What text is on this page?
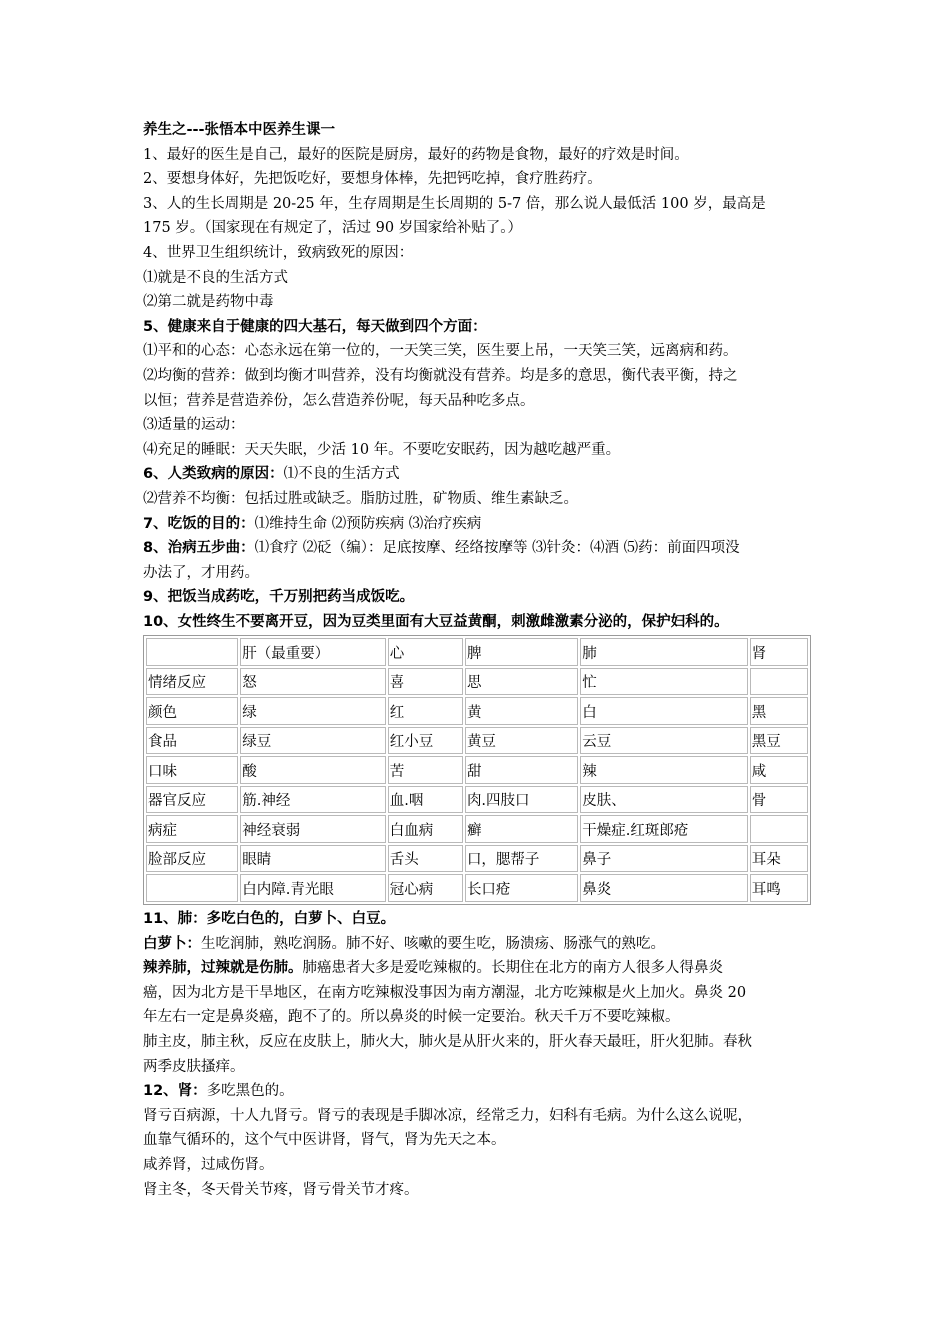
养生之---张悟本中医养生课一

1、最好的医生是自己，最好的医院是厨房，最好的药物是食物，最好的疗效是时间。

2、要想身体好，先把饭吃好，要想身体棒，先把钙吃掉，食疗胜药疗。

3、人的生长周期是 20-25 年，生存周期是生长周期的 5-7 倍，那么说人最低活 100 岁，最高是

175 岁。（国家现在有规定了，活过 90 岁国家给补贴了。）

4、世界卫生组织统计，致病致死的原因：

⑴就是不良的生活方式

⑵第二就是药物中毒

5、健康来自于健康的四大基石，每天做到四个方面：

⑴平和的心态：心态永远在第一位的，一天笑三笑，医生要上吊，一天笑三笑，远离病和药。

⑵均衡的营养：做到均衡才叫营养，没有均衡就没有营养。均是多的意思，衡代表平衡，持之

以恒；营养是营造养份，怎么营造养份呢，每天品种吃多点。

⑶适量的运动：

⑷充足的睡眠：天天失眠，少活 10 年。不要吃安眠药，因为越吃越严重。

6、人类致病的原因：⑴不良的生活方式

⑵营养不均衡：包括过胜或缺乏。脂肪过胜，矿物质、维生素缺乏。

7、吃饭的目的：⑴维持生命 ⑵预防疾病 ⑶治疗疾病

8、治病五步曲：⑴食疗 ⑵砭（编）：足底按摩、经络按摩等 ⑶针灸：⑷酒 ⑸药：前面四项没

办法了，才用药。

9、把饭当成药吃，千万别把药当成饭吃。

10、女性终生不要离开豆，因为豆类里面有大豆益黄酮，刺激雌激素分泌的，保护妇科的。

	肝（最重要）	心	脾	肺	肾
情绪反应	怒	喜	思	忙	
颜色	绿	红	黄	白	黑
食品	绿豆	红小豆	黄豆	云豆	黑豆
口味	酸	苦	甜	辣	咸
器官反应	筋.神经	血.咽	肉.四肢口	皮肤、	骨
病症	神经衰弱	白血病	癣	干燥症.红斑郎疮	
脸部反应	眼睛	舌头	口，腮帮子	鼻子	耳朵
	白内障.青光眼	冠心病	长口疮	鼻炎	耳鸣

11、肺：多吃白色的，白萝卜、白豆。

白萝卜：生吃润肺，熟吃润肠。肺不好、咳嗽的要生吃，肠溃疡、肠涨气的熟吃。

辣养肺，过辣就是伤肺。肺癌患者大多是爱吃辣椒的。长期住在北方的南方人很多人得鼻炎

癌，因为北方是干旱地区，在南方吃辣椒没事因为南方潮湿，北方吃辣椒是火上加火。鼻炎 20

年左右一定是鼻炎癌，跑不了的。所以鼻炎的时候一定要治。秋天千万不要吃辣椒。

肺主皮，肺主秋，反应在皮肤上，肺火大，肺火是从肝火来的，肝火春天最旺，肝火犯肺。春秋

两季皮肤搔痒。

12、肾：多吃黑色的。

肾亏百病源，十人九肾亏。肾亏的表现是手脚冰凉，经常乏力，妇科有毛病。为什么这么说呢，

血靠气循环的，这个气中医讲肾，肾气，肾为先天之本。

咸养肾，过咸伤肾。

肾主冬，冬天骨关节疼，肾亏骨关节才疼。
